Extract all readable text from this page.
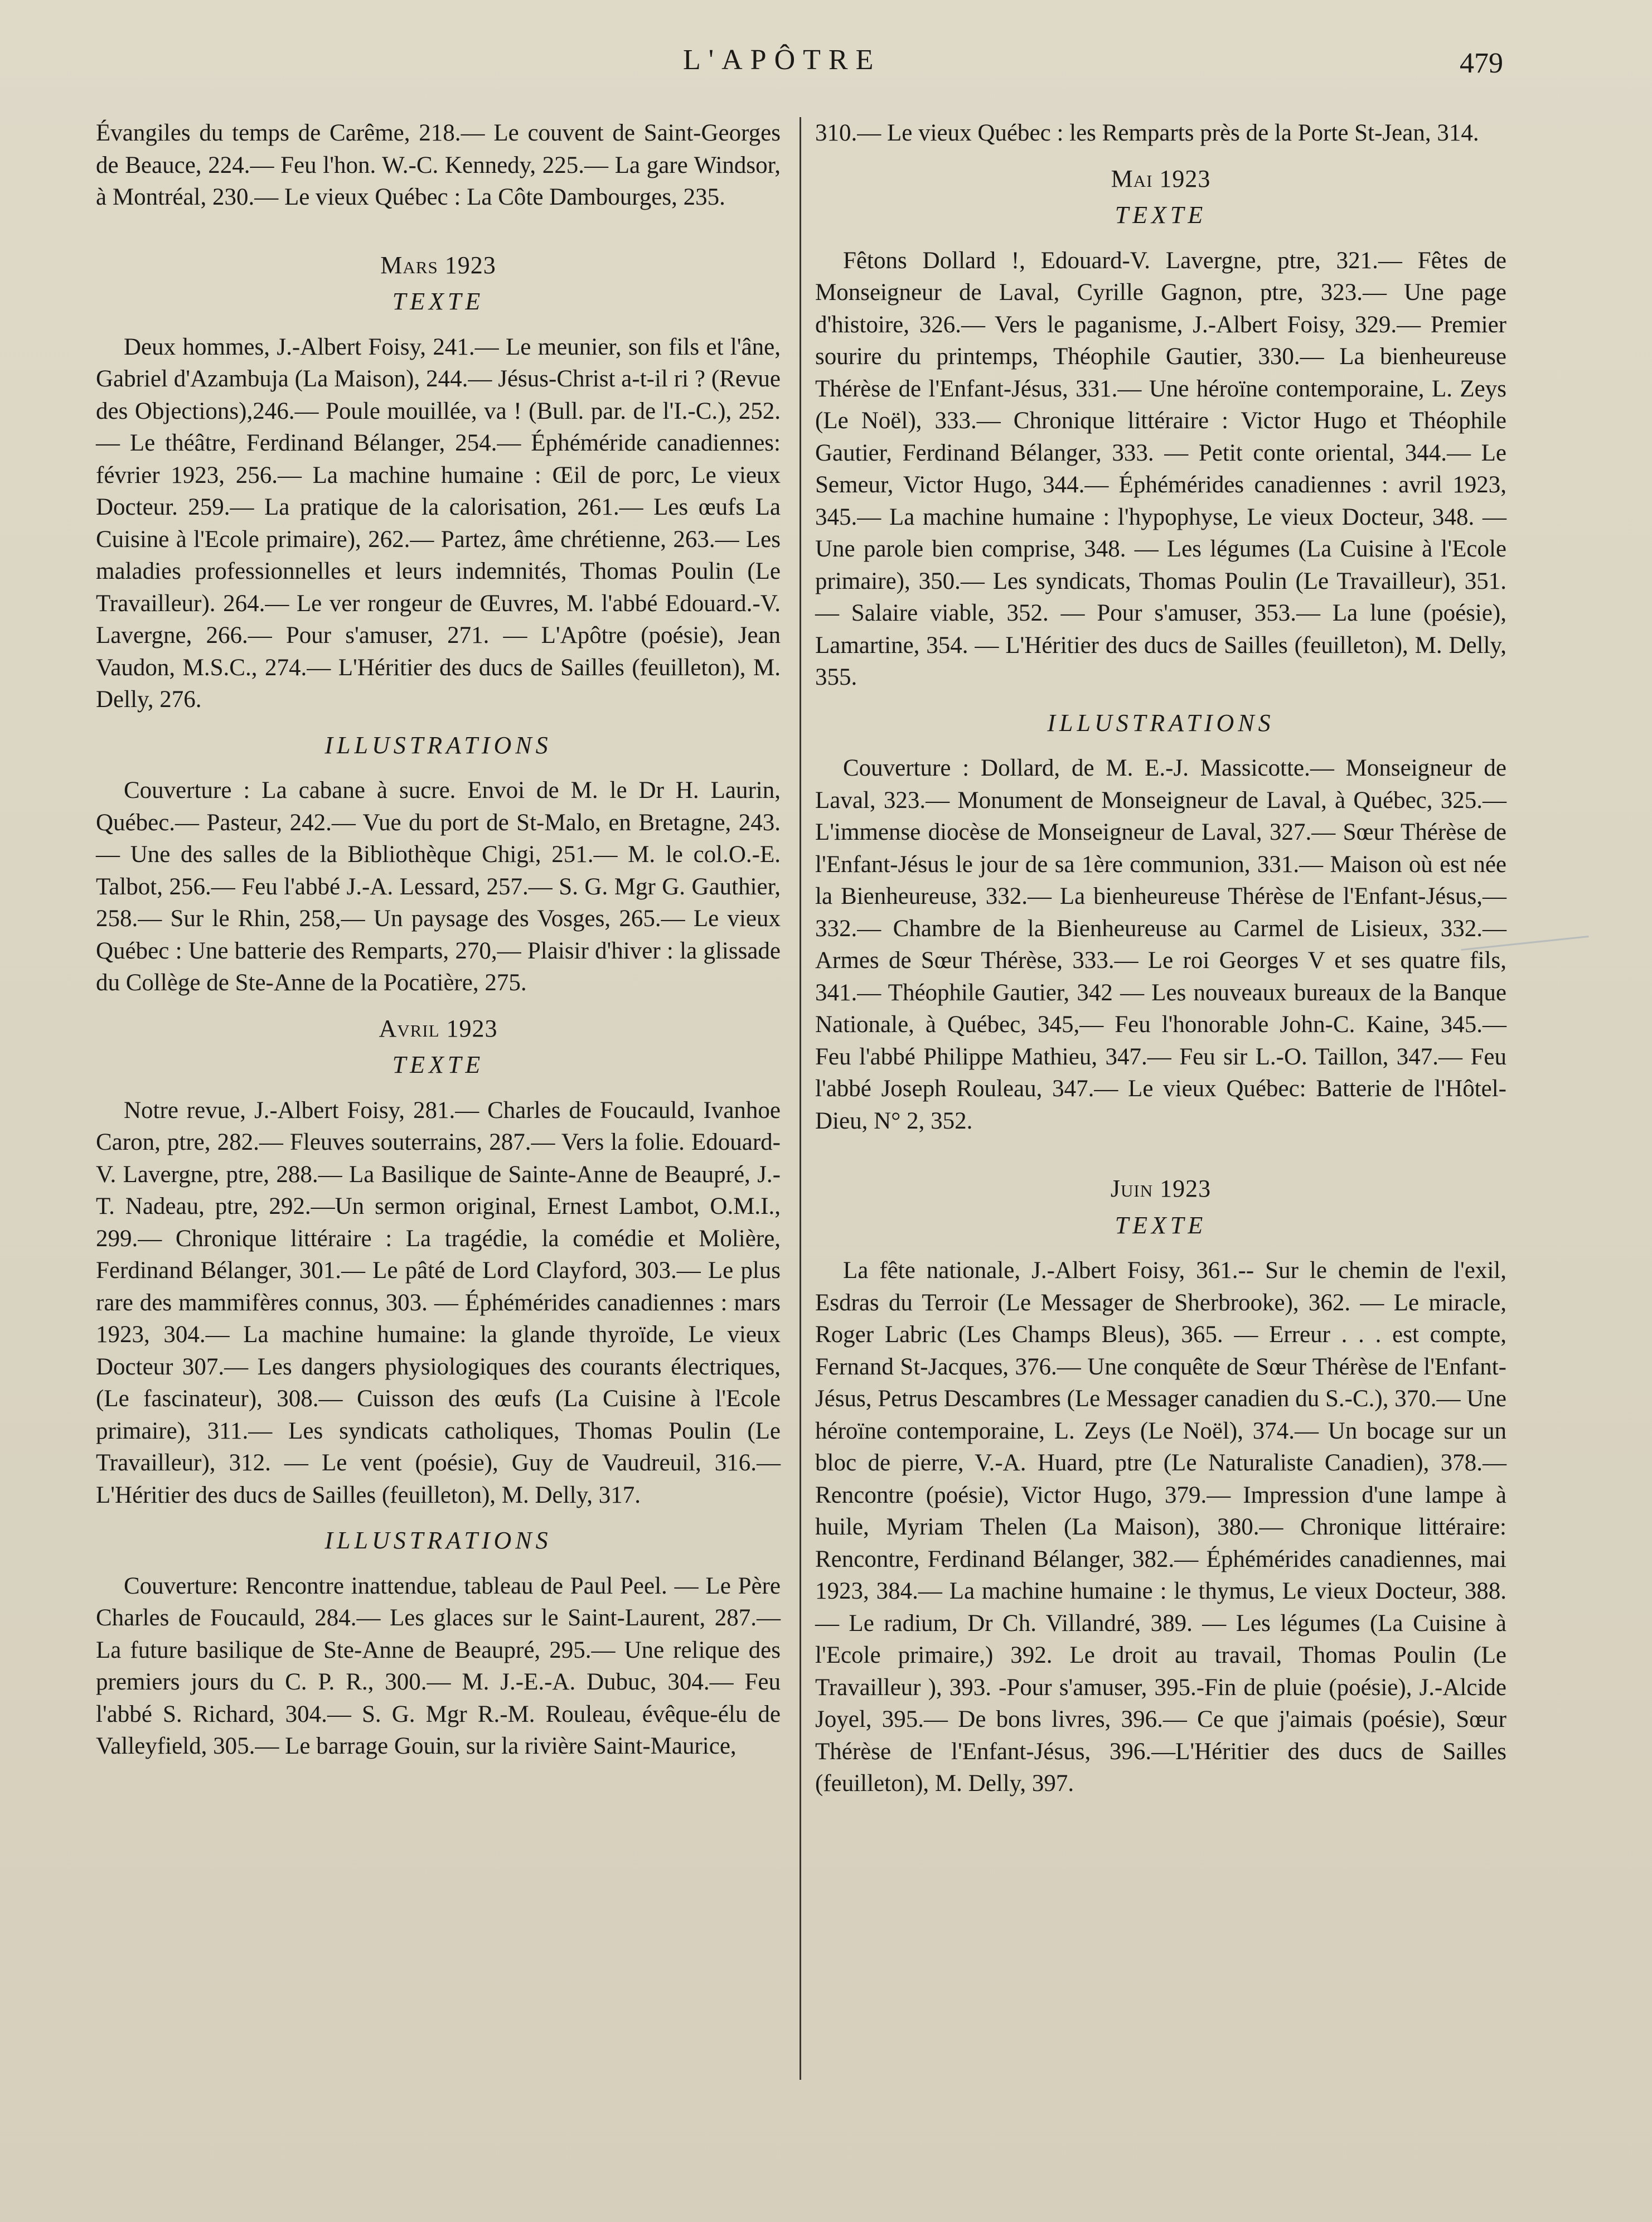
L'APÔTRE	479

Évangiles du temps de Carême, 218.— Le couvent de Saint-Georges de Beauce, 224.— Feu l'hon. W.-C. Kennedy, 225.— La gare Windsor, à Montréal, 230.— Le vieux Québec : La Côte Dambourges, 235.

Mars 1923

TEXTE

Deux hommes, J.-Albert Foisy, 241.— Le meunier, son fils et l'âne, Gabriel d'Azambuja (La Maison), 244.— Jésus-Christ a-t-il ri ? (Revue des Objections),246.— Poule mouillée, va ! (Bull. par. de l'I.-C.), 252.— Le théâtre, Ferdinand Bélanger, 254.— Éphéméride canadiennes: février 1923, 256.— La machine humaine : Œil de porc, Le vieux Docteur. 259.— La pratique de la calorisation, 261.— Les œufs La Cuisine à l'Ecole primaire), 262.— Partez, âme chrétienne, 263.— Les maladies professionnelles et leurs indemnités, Thomas Poulin (Le Travailleur). 264.— Le ver rongeur de Œuvres, M. l'abbé Edouard.-V. Lavergne, 266.— Pour s'amuser, 271. — L'Apôtre (poésie), Jean Vaudon, M.S.C., 274.— L'Héritier des ducs de Sailles (feuilleton), M. Delly, 276.

ILLUSTRATIONS

Couverture : La cabane à sucre. Envoi de M. le Dr H. Laurin, Québec.— Pasteur, 242.— Vue du port de St-Malo, en Bretagne, 243.— Une des salles de la Bibliothèque Chigi, 251.— M. le col.O.-E. Talbot, 256.— Feu l'abbé J.-A. Lessard, 257.— S. G. Mgr G. Gauthier, 258.— Sur le Rhin, 258,— Un paysage des Vosges, 265.— Le vieux Québec : Une batterie des Remparts, 270,— Plaisir d'hiver : la glissade du Collège de Ste-Anne de la Pocatière, 275.

Avril 1923

TEXTE

Notre revue, J.-Albert Foisy, 281.— Charles de Foucauld, Ivanhoe Caron, ptre, 282.— Fleuves souterrains, 287.— Vers la folie. Edouard-V. Lavergne, ptre, 288.— La Basilique de Sainte-Anne de Beaupré, J.-T. Nadeau, ptre, 292.—Un sermon original, Ernest Lambot, O.M.I., 299.— Chronique littéraire : La tragédie, la comédie et Molière, Ferdinand Bélanger, 301.— Le pâté de Lord Clayford, 303.— Le plus rare des mammifères connus, 303. — Éphémérides canadiennes : mars 1923, 304.— La machine humaine: la glande thyroïde, Le vieux Docteur 307.— Les dangers physiologiques des courants électriques, (Le fascinateur), 308.— Cuisson des œufs (La Cuisine à l'Ecole primaire), 311.— Les syndicats catholiques, Thomas Poulin (Le Travailleur), 312. — Le vent (poésie), Guy de Vaudreuil, 316.— L'Héritier des ducs de Sailles (feuilleton), M. Delly, 317.

ILLUSTRATIONS

Couverture: Rencontre inattendue, tableau de Paul Peel. — Le Père Charles de Foucauld, 284.— Les glaces sur le Saint-Laurent, 287.— La future basilique de Ste-Anne de Beaupré, 295.— Une relique des premiers jours du C. P. R., 300.— M. J.-E.-A. Dubuc, 304.— Feu l'abbé S. Richard, 304.— S. G. Mgr R.-M. Rouleau, évêque-élu de Valleyfield, 305.— Le barrage Gouin, sur la rivière Saint-Maurice,

310.— Le vieux Québec : les Remparts près de la Porte St-Jean, 314.

Mai 1923

TEXTE

Fêtons Dollard !, Edouard-V. Lavergne, ptre, 321.— Fêtes de Monseigneur de Laval, Cyrille Gagnon, ptre, 323.— Une page d'histoire, 326.— Vers le paganisme, J.-Albert Foisy, 329.— Premier sourire du printemps, Théophile Gautier, 330.— La bienheureuse Thérèse de l'Enfant-Jésus, 331.— Une héroïne contemporaine, L. Zeys (Le Noël), 333.— Chronique littéraire : Victor Hugo et Théophile Gautier, Ferdinand Bélanger, 333. — Petit conte oriental, 344.— Le Semeur, Victor Hugo, 344.— Éphémérides canadiennes : avril 1923, 345.— La machine humaine : l'hypophyse, Le vieux Docteur, 348. — Une parole bien comprise, 348. — Les légumes (La Cuisine à l'Ecole primaire), 350.— Les syndicats, Thomas Poulin (Le Travailleur), 351.— Salaire viable, 352. — Pour s'amuser, 353.— La lune (poésie), Lamartine, 354. — L'Héritier des ducs de Sailles (feuilleton), M. Delly, 355.

ILLUSTRATIONS

Couverture : Dollard, de M. E.-J. Massicotte.— Monseigneur de Laval, 323.— Monument de Monseigneur de Laval, à Québec, 325.— L'immense diocèse de Monseigneur de Laval, 327.— Sœur Thérèse de l'Enfant-Jésus le jour de sa 1ère communion, 331.— Maison où est née la Bienheureuse, 332.— La bienheureuse Thérèse de l'Enfant-Jésus,—332.— Chambre de la Bienheureuse au Carmel de Lisieux, 332.— Armes de Sœur Thérèse, 333.— Le roi Georges V et ses quatre fils, 341.— Théophile Gautier, 342 — Les nouveaux bureaux de la Banque Nationale, à Québec, 345,— Feu l'honorable John-C. Kaine, 345.— Feu l'abbé Philippe Mathieu, 347.— Feu sir L.-O. Taillon, 347.— Feu l'abbé Joseph Rouleau, 347.— Le vieux Québec: Batterie de l'Hôtel-Dieu, N° 2, 352.

Juin 1923

TEXTE

La fête nationale, J.-Albert Foisy, 361.-- Sur le chemin de l'exil, Esdras du Terroir (Le Messager de Sherbrooke), 362. — Le miracle, Roger Labric (Les Champs Bleus), 365. — Erreur . . . est compte, Fernand St-Jacques, 376.— Une conquête de Sœur Thérèse de l'Enfant-Jésus, Petrus Descambres (Le Messager canadien du S.-C.), 370.— Une héroïne contemporaine, L. Zeys (Le Noël), 374.— Un bocage sur un bloc de pierre, V.-A. Huard, ptre (Le Naturaliste Canadien), 378.—Rencontre (poésie), Victor Hugo, 379.— Impression d'une lampe à huile, Myriam Thelen (La Maison), 380.— Chronique littéraire: Rencontre, Ferdinand Bélanger, 382.— Éphémérides canadiennes, mai 1923, 384.— La machine humaine : le thymus, Le vieux Docteur, 388.— Le radium, Dr Ch. Villandré, 389. — Les légumes (La Cuisine à l'Ecole primaire,) 392. Le droit au travail, Thomas Poulin (Le Travailleur ), 393. -Pour s'amuser, 395.-Fin de pluie (poésie), J.-Alcide Joyel, 395.— De bons livres, 396.— Ce que j'aimais (poésie), Sœur Thérèse de l'Enfant-Jésus, 396.—L'Héritier des ducs de Sailles (feuilleton), M. Delly, 397.
